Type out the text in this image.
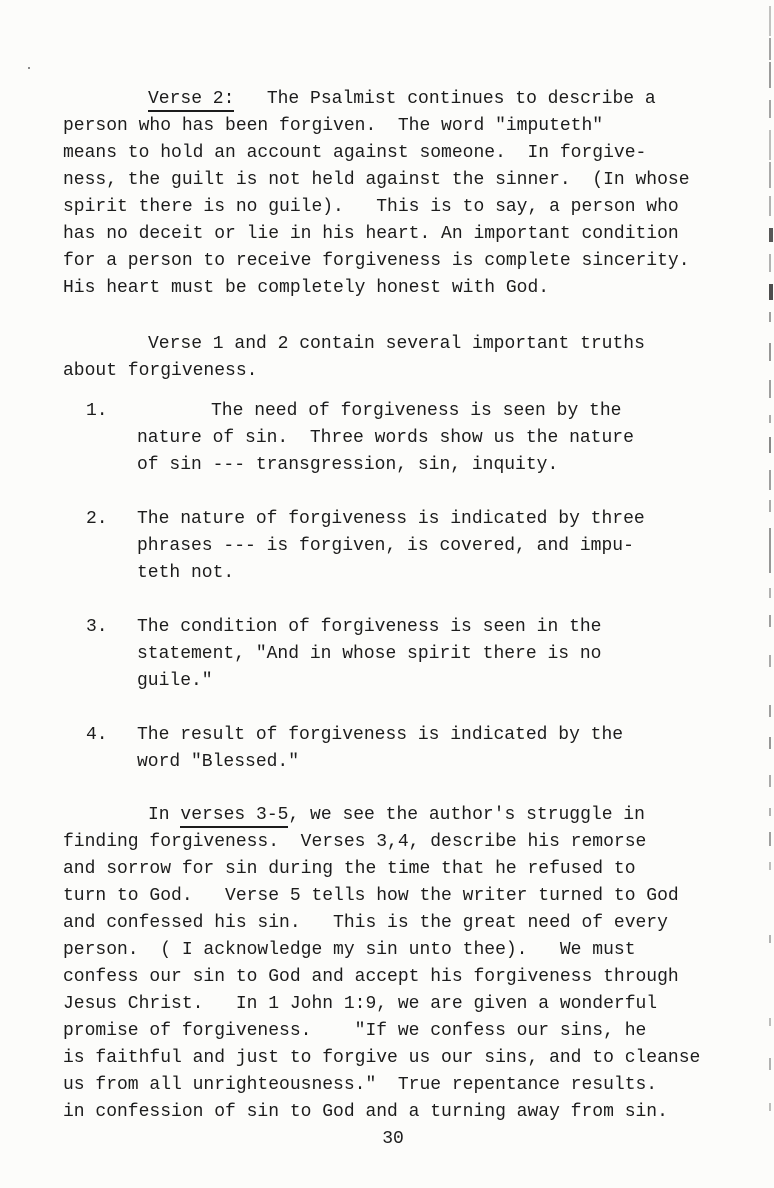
Verse 2:   The Psalmist continues to describe a
person who has been forgiven.  The word "imputeth"
means to hold an account against someone.  In forgive-
ness, the guilt is not held against the sinner.  (In whose
spirit there is no guile).   This is to say, a person who
has no deceit or lie in his heart. An important condition
for a person to receive forgiveness is complete sincerity.
His heart must be completely honest with God.

Verse 1 and 2 contain several important truths
about forgiveness.

1.	The need of forgiveness is seen by the
nature of sin.  Three words show us the nature
of sin --- transgression, sin, inquity.
2.	The nature of forgiveness is indicated by three
phrases --- is forgiven, is covered, and impu-
teth not.
3.	The condition of forgiveness is seen in the
statement, "And in whose spirit there is no
guile."
4.	The result of forgiveness is indicated by the
word "Blessed."

In verses 3-5, we see the author's struggle in
finding forgiveness.  Verses 3,4, describe his remorse
and sorrow for sin during the time that he refused to
turn to God.   Verse 5 tells how the writer turned to God
and confessed his sin.   This is the great need of every
person.  ( I acknowledge my sin unto thee).   We must
confess our sin to God and accept his forgiveness through
Jesus Christ.   In 1 John 1:9, we are given a wonderful
promise of forgiveness.    "If we confess our sins, he
is faithful and just to forgive us our sins, and to cleanse
us from all unrighteousness."  True repentance results.
in confession of sin to God and a turning away from sin.

30
